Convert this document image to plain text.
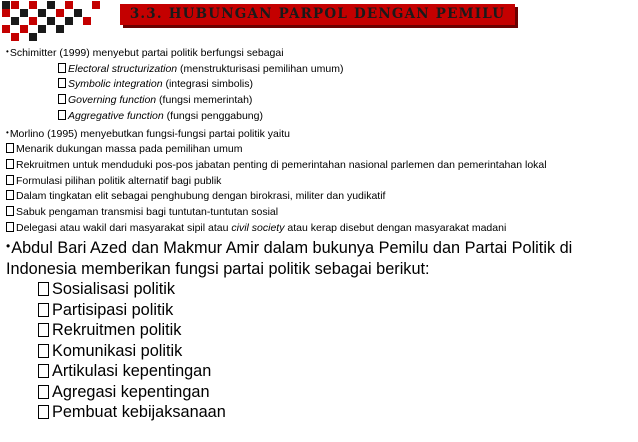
3.3. HUBUNGAN PARPOL DENGAN PEMILU

•Schimitter (1999) menyebut partai politik berfungsi sebagai

Electoral structurization (menstrukturisasi pemilihan umum)

Symbolic integration (integrasi simbolis)

Governing function (fungsi memerintah)

Aggregative function (fungsi penggabung)

•Morlino (1995) menyebutkan fungsi-fungsi partai politik yaitu

Menarik dukungan massa pada pemilihan umum

Rekruitmen untuk menduduki pos-pos jabatan penting di pemerintahan nasional parlemen dan pemerintahan lokal

Formulasi pilihan politik alternatif bagi publik

Dalam tingkatan elit sebagai penghubung dengan birokrasi, militer dan yudikatif

Sabuk pengaman transmisi bagi tuntutan-tuntutan sosial

Delegasi atau wakil dari masyarakat sipil atau civil society atau kerap disebut dengan masyarakat madani

•Abdul Bari Azed dan Makmur Amir dalam bukunya Pemilu dan Partai Politik di Indonesia memberikan fungsi partai politik sebagai berikut:

Sosialisasi politik

Partisipasi politik

Rekruitmen politik

Komunikasi politik

Artikulasi kepentingan

Agregasi kepentingan

Pembuat kebijaksanaan
